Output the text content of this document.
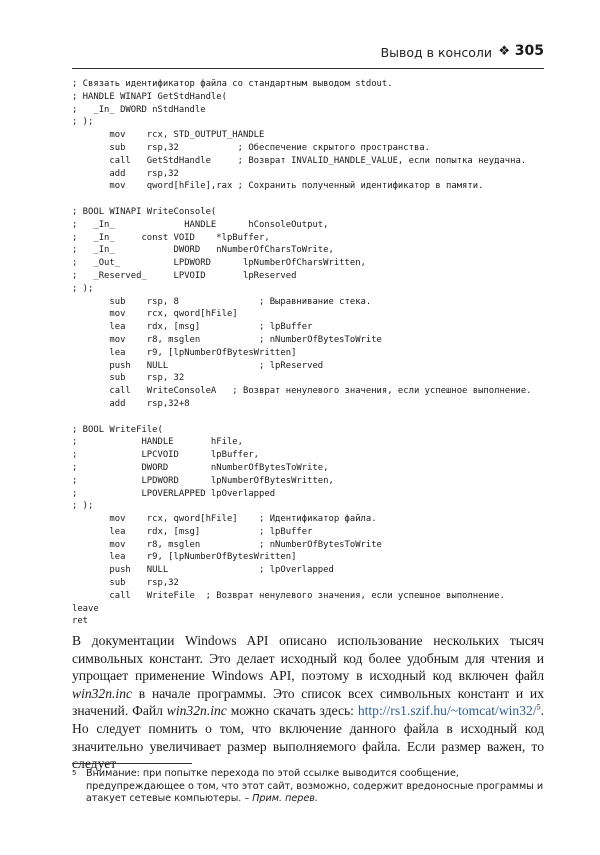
Вывод в консоли ❖ 305
; Связать идентификатор файла со стандартным выводом stdout.
; HANDLE WINAPI GetStdHandle(
;   _In_ DWORD nStdHandle
; );
mov    rcx, STD_OUTPUT_HANDLE
sub    rsp,32           ; Обеспечение скрытого пространства.
call   GetStdHandle     ; Возврат INVALID_HANDLE_VALUE, если попытка неудачна.
add    rsp,32
mov    qword[hFile],rax ; Сохранить полученный идентификатор в памяти.
; BOOL WINAPI WriteConsole(
;   _In_             HANDLE      hConsoleOutput,
;   _In_     const VOID    *lpBuffer,
;   _In_           DWORD   nNumberOfCharsToWrite,
;   _Out_          LPDWORD      lpNumberOfCharsWritten,
;   _Reserved_     LPVOID       lpReserved
; );
sub    rsp, 8               ; Выравнивание стека.
mov    rcx, qword[hFile]
lea    rdx, [msg]           ; lpBuffer
mov    r8, msglen           ; nNumberOfBytesToWrite
lea    r9, [lpNumberOfBytesWritten]
push   NULL                 ; lpReserved
sub    rsp, 32
call   WriteConsoleA   ; Возврат ненулевого значения, если успешное выполнение.
add    rsp,32+8
; BOOL WriteFile(
;            HANDLE       hFile,
;            LPCVOID      lpBuffer,
;            DWORD        nNumberOfBytesToWrite,
;            LPDWORD      lpNumberOfBytesWritten,
;            LPOVERLAPPED lpOverlapped
; );
mov    rcx, qword[hFile]    ; Идентификатор файла.
lea    rdx, [msg]           ; lpBuffer
mov    r8, msglen           ; nNumberOfBytesToWrite
lea    r9, [lpNumberOfBytesWritten]
push   NULL                 ; lpOverlapped
sub    rsp,32
call   WriteFile  ; Возврат ненулевого значения, если успешное выполнение.
leave
ret

В документации Windows API описано использование нескольких тысяч символьных констант. Это делает исходный код более удобным для чтения и упрощает применение Windows API, поэтому в исходный код включен файл win32n.inc в начале программы. Это список всех символьных констант и их значений. Файл win32n.inc можно скачать здесь: http://rs1.szif.hu/~tomcat/win32/$^5$. Но следует помнить о том, что включение данного файла в исходный код значительно увеличивает размер выполняемого файла. Если размер важен, то следует

5 Внимание: при попытке перехода по этой ссылке выводится сообщение, предупреждающее о том, что этот сайт, возможно, содержит вредоносные программы и атакует сетевые компьютеры. – Прим. перев.
